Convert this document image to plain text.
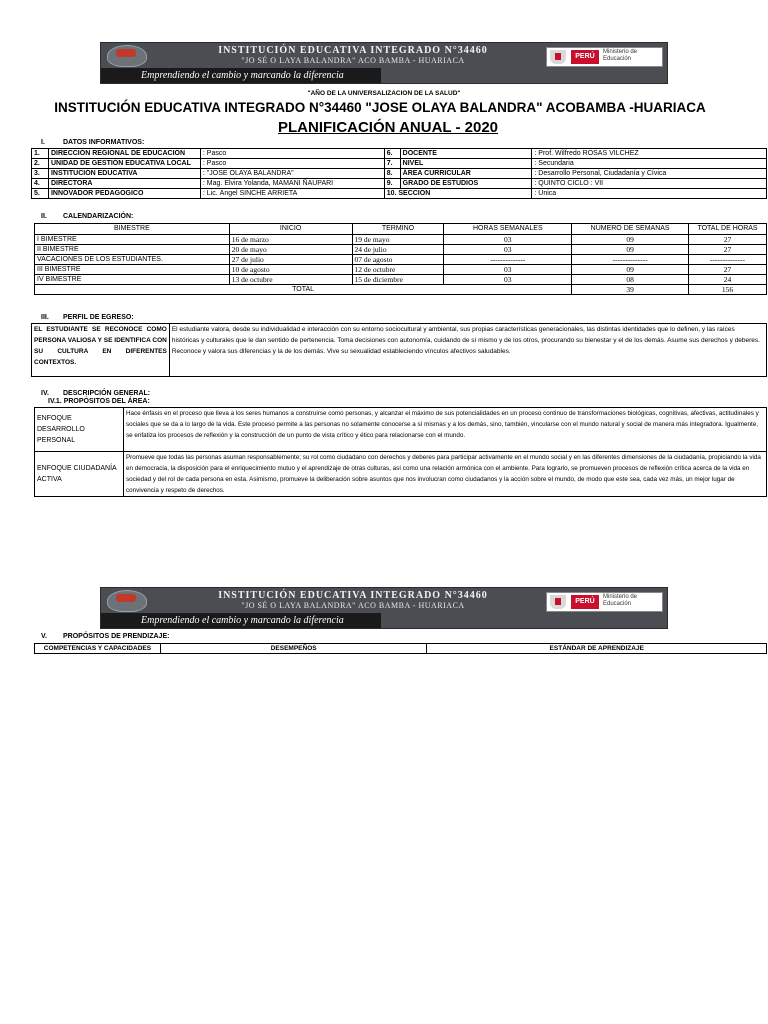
INSTITUCIÓN EDUCATIVA INTEGRADO N°34460
"JO SÉ O LAYA BALANDRA" ACO BAMBA - HUARIACA
Emprendiendo el cambio y marcando la diferencia
PERÚ
Ministerio de Educación
"AÑO DE LA UNIVERSALIZACION DE LA SALUD"
INSTITUCIÓN EDUCATIVA INTEGRADO N°34460 "JOSE OLAYA BALANDRA" ACOBAMBA -HUARIACA
PLANIFICACIÓN ANUAL - 2020
I.	DATOS INFORMATIVOS:
1.	DIRECCIÓN REGIONAL DE EDUCACIÓN	: Pasco	6.	DOCENTE	: Prof. Wilfredo ROSAS VILCHEZ
2.	UNIDAD DE GESTIÓN EDUCATIVA LOCAL	: Pasco	7.	NIVEL	: Secundaria
3.	INSTITUCIÓN EDUCATIVA	: "JOSE OLAYA BALANDRA"	8.	ÁREA CURRICULAR	: Desarrollo Personal, Ciudadanía y Cívica
4.	DIRECTORA	: Mag. Elvira Yolanda, MAMANI ÑAUPARI	9.	GRADO DE ESTUDIOS	: QUINTO CICLO : VII
5.	INNOVADOR PEDAGOGICO	: Lic. Ángel SINCHE ARRIETA	10. SECCION		: Única
II. CALENDARIZACIÓN:
BIMESTRE	INICIO	TERMINO	HORAS SEMANALES	NÚMERO DE SEMANAS	TOTAL DE HORAS
I BIMESTRE	16 de marzo	19 de mayo	03	09	27
II BIMESTRE	20 de mayo	24 de julio	03	09	27
VACACIONES DE LOS ESTUDIANTES.	27 de julio	07 de agosto	--------------	--------------	--------------
III BIMESTRE	10 de agosto	12 de octubre	03	09	27
IV BIMESTRE	13 de octubre	15 de diciembre	03	08	24
TOTAL				39	156
III. PERFIL DE EGRESO:
EL ESTUDIANTE SE RECONOCE COMO PERSONA VALIOSA Y SE IDENTIFICA CON SU CULTURA EN DIFERENTES CONTEXTOS.	El estudiante valora, desde su individualidad e interacción con su entorno sociocultural y ambiental, sus propias características generacionales, las distintas identidades que lo definen, y las raíces históricas y culturales que le dan sentido de pertenencia. Toma decisiones con autonomía, cuidando de sí mismo y de los otros, procurando su bienestar y el de los demás. Asume sus derechos y deberes. Reconoce y valora sus diferencias y la de los demás. Vive su sexualidad estableciendo vínculos afectivos saludables.
IV. DESCRIPCIÓN GENERAL:
IV.1. PROPÓSITOS DEL ÁREA:
ENFOQUE DESARROLLO PERSONAL	Hace énfasis en el proceso que lleva a los seres humanos a construirse como personas, y alcanzar el máximo de sus potencialidades en un proceso continuo de transformaciones biológicas, cognitivas, afectivas, actitudinales y sociales que se da a lo largo de la vida. Este proceso permite a las personas no solamente conocerse a sí mismas y a los demás, sino, también, vincularse con el mundo natural y social de manera más integradora. Igualmente, se enfatiza los procesos de reflexión y la construcción de un punto de vista crítico y ético para relacionarse con el mundo.
ENFOQUE CIUDADANÍA ACTIVA	Promueve que todas las personas asuman responsablemente; su rol como ciudadano con derechos y deberes para participar activamente en el mundo social y en las diferentes dimensiones de la ciudadanía, propiciando la vida en democracia, la disposición para el enriquecimiento mutuo y el aprendizaje de otras culturas, así como una relación armónica con el ambiente. Para lograrlo, se promueven procesos de reflexión crítica acerca de la vida en sociedad y del rol de cada persona en esta. Asimismo, promueve la deliberación sobre asuntos que nos involucran como ciudadanos y la acción sobre el mundo, de modo que este sea, cada vez más, un mejor lugar de convivencia y respeto de derechos.
INSTITUCIÓN EDUCATIVA INTEGRADO N°34460
"JO SÉ O LAYA BALANDRA" ACO BAMBA - HUARIACA
Emprendiendo el cambio y marcando la diferencia
PERÚ
Ministerio de Educación
V. PROPÓSITOS DE PRENDIZAJE:
COMPETENCIAS Y CAPACIDADES	DESEMPEÑOS	ESTÁNDAR DE APRENDIZAJE
